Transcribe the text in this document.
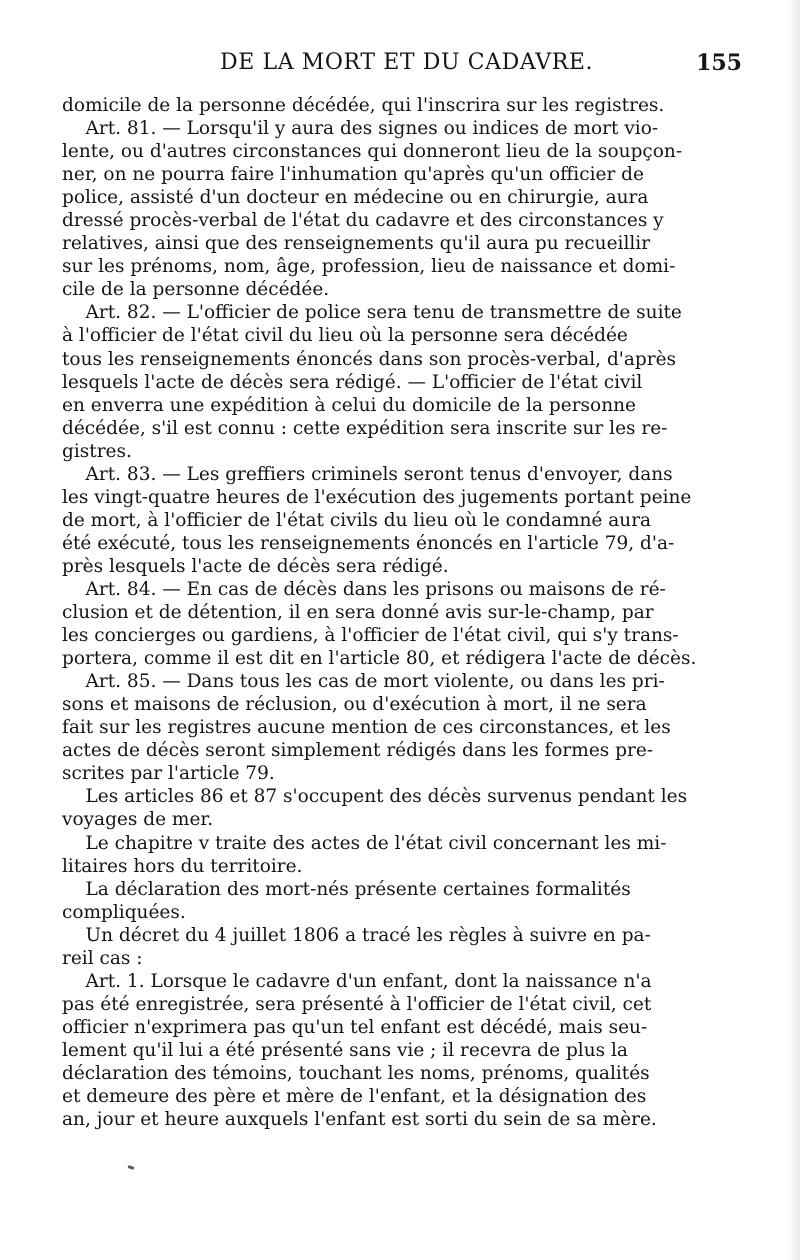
DE LA MORT ET DU CADAVRE.	155
domicile de la personne décédée, qui l'inscrira sur les registres.
Art. 81. — Lorsqu'il y aura des signes ou indices de mort vio-
lente, ou d'autres circonstances qui donneront lieu de la soupçon-
ner, on ne pourra faire l'inhumation qu'après qu'un officier de
police, assisté d'un docteur en médecine ou en chirurgie, aura
dressé procès-verbal de l'état du cadavre et des circonstances y
relatives, ainsi que des renseignements qu'il aura pu recueillir
sur les prénoms, nom, âge, profession, lieu de naissance et domi-
cile de la personne décédée.
Art. 82. — L'officier de police sera tenu de transmettre de suite
à l'officier de l'état civil du lieu où la personne sera décédée
tous les renseignements énoncés dans son procès-verbal, d'après
lesquels l'acte de décès sera rédigé. — L'officier de l'état civil
en enverra une expédition à celui du domicile de la personne
décédée, s'il est connu : cette expédition sera inscrite sur les re-
gistres.
Art. 83. — Les greffiers criminels seront tenus d'envoyer, dans
les vingt-quatre heures de l'exécution des jugements portant peine
de mort, à l'officier de l'état civils du lieu où le condamné aura
été exécuté, tous les renseignements énoncés en l'article 79, d'a-
près lesquels l'acte de décès sera rédigé.
Art. 84. — En cas de décès dans les prisons ou maisons de ré-
clusion et de détention, il en sera donné avis sur-le-champ, par
les concierges ou gardiens, à l'officier de l'état civil, qui s'y trans-
portera, comme il est dit en l'article 80, et rédigera l'acte de décès.
Art. 85. — Dans tous les cas de mort violente, ou dans les pri-
sons et maisons de réclusion, ou d'exécution à mort, il ne sera
fait sur les registres aucune mention de ces circonstances, et les
actes de décès seront simplement rédigés dans les formes pre-
scrites par l'article 79.
Les articles 86 et 87 s'occupent des décès survenus pendant les
voyages de mer.
Le chapitre v traite des actes de l'état civil concernant les mi-
litaires hors du territoire.
La déclaration des mort-nés présente certaines formalités
compliquées.
Un décret du 4 juillet 1806 a tracé les règles à suivre en pa-
reil cas :
Art. 1. Lorsque le cadavre d'un enfant, dont la naissance n'a
pas été enregistrée, sera présenté à l'officier de l'état civil, cet
officier n'exprimera pas qu'un tel enfant est décédé, mais seu-
lement qu'il lui a été présenté sans vie ; il recevra de plus la
déclaration des témoins, touchant les noms, prénoms, qualités
et demeure des père et mère de l'enfant, et la désignation des
an, jour et heure auxquels l'enfant est sorti du sein de sa mère.
